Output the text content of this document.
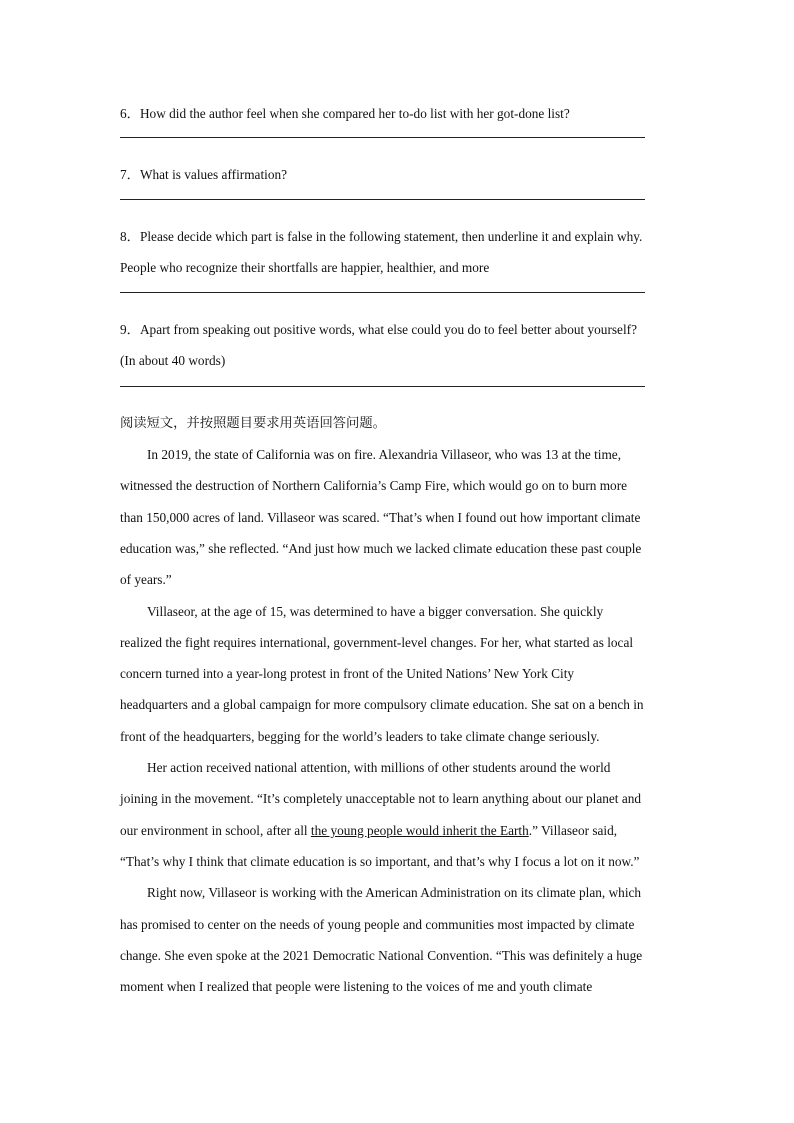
6．How did the author feel when she compared her to-do list with her got-done list?

7．What is values affirmation?

8．Please decide which part is false in the following statement, then underline it and explain why.

People who recognize their shortfalls are happier, healthier, and more

9．Apart from speaking out positive words, what else could you do to feel better about yourself?

(In about 40 words)

阅读短文，并按照题目要求用英语回答问题。

In 2019, the state of California was on fire. Alexandria Villaseor, who was 13 at the time,
witnessed the destruction of Northern California’s Camp Fire, which would go on to burn more
than 150,000 acres of land. Villaseor was scared. “That’s when I found out how important climate
education was,” she reflected. “And just how much we lacked climate education these past couple
of years.”
Villaseor, at the age of 15, was determined to have a bigger conversation. She quickly
realized the fight requires international, government-level changes. For her, what started as local
concern turned into a year-long protest in front of the United Nations’ New York City
headquarters and a global campaign for more compulsory climate education. She sat on a bench in
front of the headquarters, begging for the world’s leaders to take climate change seriously.
Her action received national attention, with millions of other students around the world
joining in the movement. “It’s completely unacceptable not to learn anything about our planet and
our environment in school, after all the young people would inherit the Earth.” Villaseor said,
“That’s why I think that climate education is so important, and that’s why I focus a lot on it now.”
Right now, Villaseor is working with the American Administration on its climate plan, which
has promised to center on the needs of young people and communities most impacted by climate
change. She even spoke at the 2021 Democratic National Convention. “This was definitely a huge
moment when I realized that people were listening to the voices of me and youth climate
